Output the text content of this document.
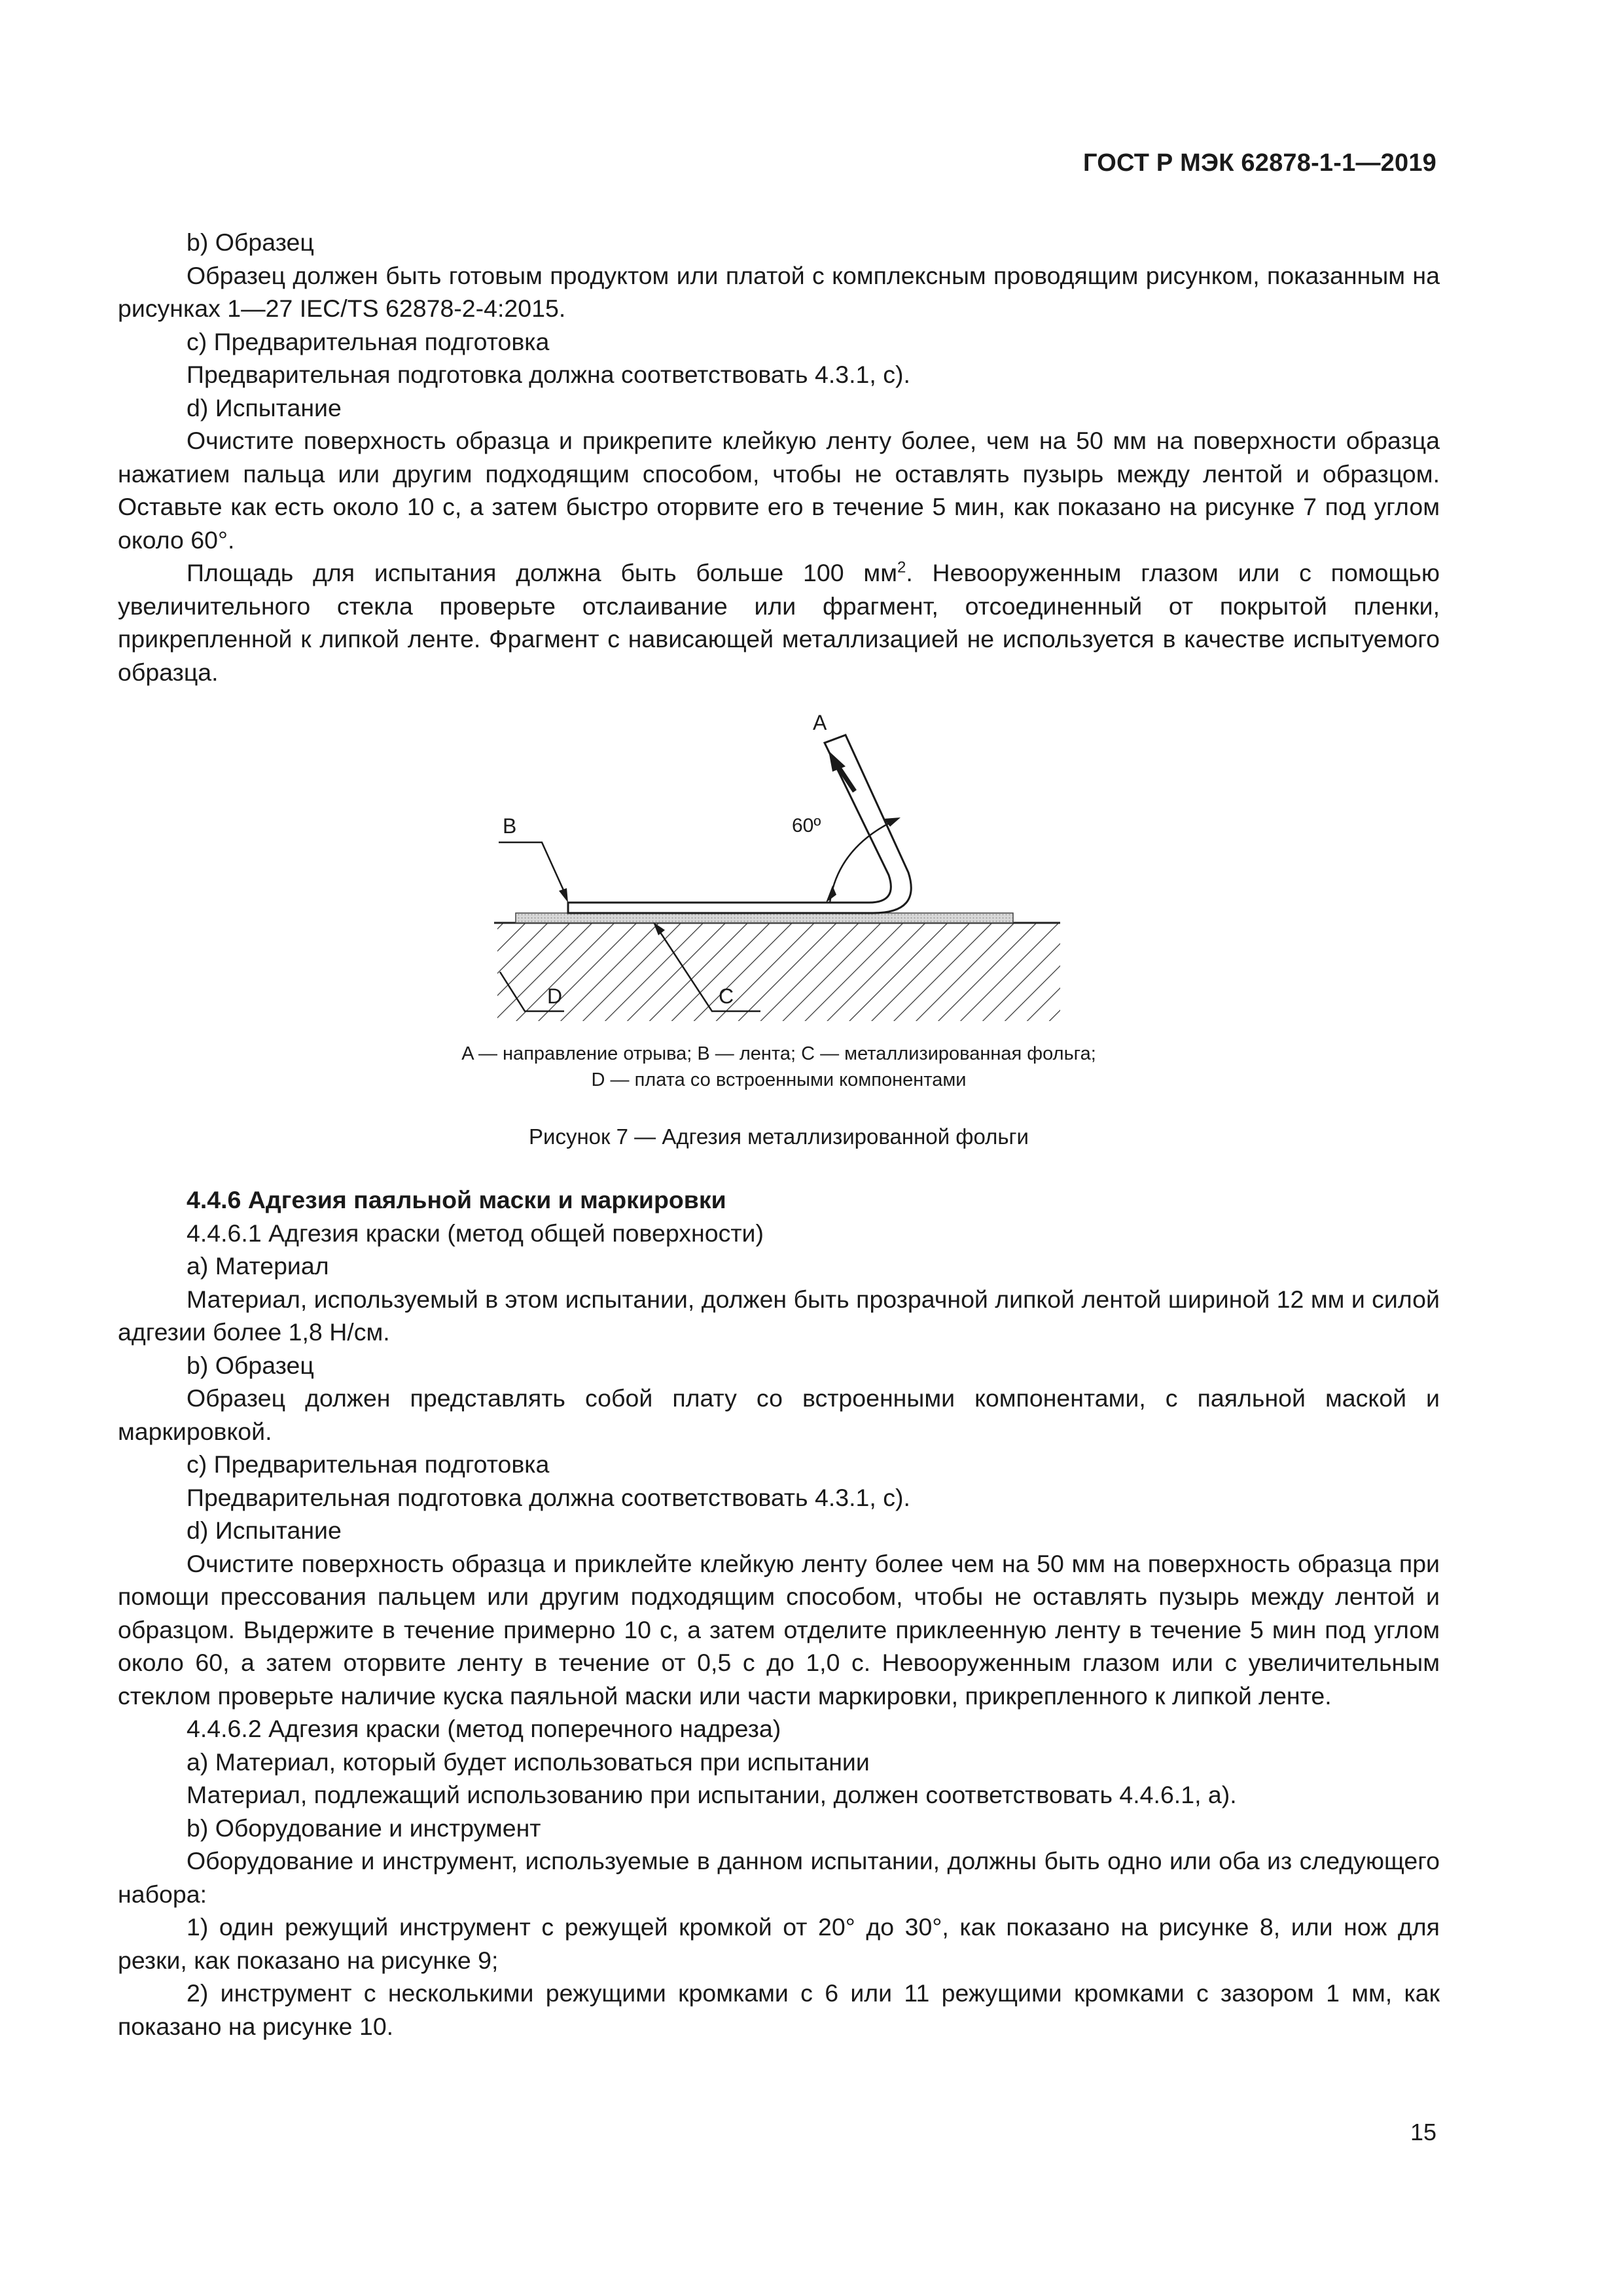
ГОСТ Р МЭК 62878-1-1—2019

b) Образец

Образец должен быть готовым продуктом или платой с комплексным проводящим рисунком, показанным на рисунках 1—27 IEC/TS 62878-2-4:2015.

c) Предварительная подготовка

Предварительная подготовка должна соответствовать 4.3.1, c).

d) Испытание

Очистите поверхность образца и прикрепите клейкую ленту более, чем на 50 мм на поверхности образца нажатием пальца или другим подходящим способом, чтобы не оставлять пузырь между лентой и образцом. Оставьте как есть около 10 с, а затем быстро оторвите его в течение 5 мин, как показано на рисунке 7 под углом около 60°.

Площадь для испытания должна быть больше 100 $мм^2$. Невооруженным глазом или с помощью увеличительного стекла проверьте отслаивание или фрагмент, отсоединенный от покрытой пленки, прикрепленной к липкой ленте. Фрагмент с нависающей металлизацией не используется в качестве испытуемого образца.

A
60º
B
D	C
A — направление отрыва; B — лента; C — металлизированная фольга;
D — плата со встроенными компонентами
Рисунок 7 — Адгезия металлизированной фольги

4.4.6 Адгезия паяльной маски и маркировки

4.4.6.1 Адгезия краски (метод общей поверхности)

a) Материал

Материал, используемый в этом испытании, должен быть прозрачной липкой лентой шириной 12 мм и силой адгезии более 1,8 Н/см.

b) Образец

Образец должен представлять собой плату со встроенными компонентами, с паяльной маской и маркировкой.

c) Предварительная подготовка

Предварительная подготовка должна соответствовать 4.3.1, c).

d) Испытание

Очистите поверхность образца и приклейте клейкую ленту более чем на 50 мм на поверхность образца при помощи прессования пальцем или другим подходящим способом, чтобы не оставлять пузырь между лентой и образцом. Выдержите в течение примерно 10 с, а затем отделите приклеенную ленту в течение 5 мин под углом около 60, а затем оторвите ленту в течение от 0,5 с до 1,0 с. Невооруженным глазом или с увеличительным стеклом проверьте наличие куска паяльной маски или части маркировки, прикрепленного к липкой ленте.

4.4.6.2 Адгезия краски (метод поперечного надреза)

a) Материал, который будет использоваться при испытании

Материал, подлежащий использованию при испытании, должен соответствовать 4.4.6.1, a).

b) Оборудование и инструмент

Оборудование и инструмент, используемые в данном испытании, должны быть одно или оба из следующего набора:

1) один режущий инструмент с режущей кромкой от 20° до 30°, как показано на рисунке 8, или нож для резки, как показано на рисунке 9;

2) инструмент с несколькими режущими кромками с 6 или 11 режущими кромками с зазором 1 мм, как показано на рисунке 10.

15
